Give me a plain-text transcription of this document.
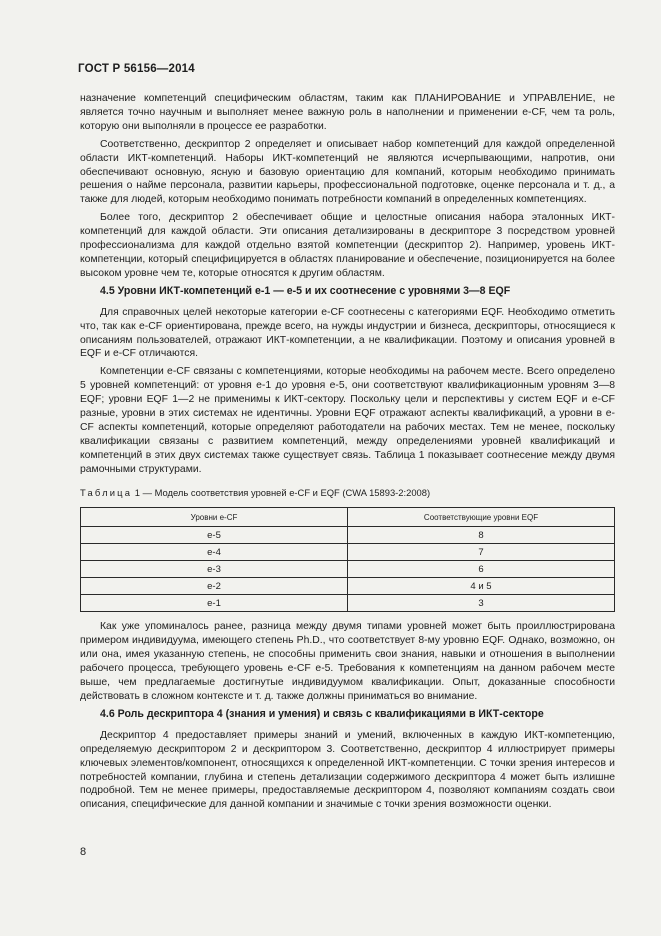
ГОСТ Р 56156—2014

назначение компетенций специфическим областям, таким как ПЛАНИРОВАНИЕ и УПРАВЛЕНИЕ, не является точно научным и выполняет менее важную роль в наполнении и применении e-CF, чем та роль, которую они выполняли в процессе ее разработки.

Соответственно, дескриптор 2 определяет и описывает набор компетенций для каждой определенной области ИКТ-компетенций. Наборы ИКТ-компетенций не являются исчерпывающими, напротив, они обеспечивают основную, ясную и базовую ориентацию для компаний, которым необходимо принимать решения о найме персонала, развитии карьеры, профессиональной подготовке, оценке персонала и т. д., а также для людей, которым необходимо понимать потребности компаний в определенных компетенциях.

Более того, дескриптор 2 обеспечивает общие и целостные описания набора эталонных ИКТ-компетенций для каждой области. Эти описания детализированы в дескрипторе 3 посредством уровней профессионализма для каждой отдельно взятой компетенции (дескриптор 2). Например, уровень ИКТ-компетенции, который специфицируется в областях планирование и обеспечение, позиционируется на более высоком уровне чем те, которые относятся к другим областям.

4.5 Уровни ИКТ-компетенций e-1 — e-5 и их соотнесение с уровнями 3—8 EQF

Для справочных целей некоторые категории e-CF соотнесены с категориями EQF. Необходимо отметить что, так как e-CF ориентирована, прежде всего, на нужды индустрии и бизнеса, дескрипторы, относящиеся к описаниям пользователей, отражают ИКТ-компетенции, а не квалификации. Поэтому и описания уровней в EQF и e-CF отличаются.

Компетенции e-CF связаны с компетенциями, которые необходимы на рабочем месте. Всего определено 5 уровней компетенций: от уровня e-1 до уровня e-5, они соответствуют квалификационным уровням 3—8 EQF; уровни EQF 1—2 не применимы к ИКТ-сектору. Поскольку цели и перспективы у систем EQF и e-CF разные, уровни в этих системах не идентичны. Уровни EQF отражают аспекты квалификаций, а уровни в e-CF аспекты компетенций, которые определяют работодатели на рабочих местах. Тем не менее, поскольку квалификации связаны с развитием компетенций, между определениями уровней квалификаций и компетенций в этих двух системах также существует связь. Таблица 1 показывает соотнесение между двумя рамочными структурами.

Таблица 1 — Модель соответствия уровней e-CF и EQF (CWA 15893-2:2008)
Уровни e-CF	Соответствующие уровни EQF
e-5	8
e-4	7
e-3	6
e-2	4 и 5
e-1	3

Как уже упоминалось ранее, разница между двумя типами уровней может быть проиллюстрирована примером индивидуума, имеющего степень Ph.D., что соответствует 8-му уровню EQF. Однако, возможно, он или она, имея указанную степень, не способны применить свои знания, навыки и отношения в выполнении рабочего процесса, требующего уровень e-CF e-5. Требования к компетенциям на данном рабочем месте выше, чем предлагаемые достигнутые индивидуумом квалификации. Опыт, доказанные способности действовать в сложном контексте и т. д. также должны приниматься во внимание.

4.6 Роль дескриптора 4 (знания и умения) и связь с квалификациями в ИКТ-секторе

Дескриптор 4 предоставляет примеры знаний и умений, включенных в каждую ИКТ-компетенцию, определяемую дескриптором 2 и дескриптором 3. Соответственно, дескриптор 4 иллюстрирует примеры ключевых элементов/компонент, относящихся к определенной ИКТ-компетенции. С точки зрения интересов и потребностей компании, глубина и степень детализации содержимого дескриптора 4 может быть излишне подробной. Тем не менее примеры, предоставляемые дескриптором 4, позволяют компаниям создать свои описания, специфические для данной компании и значимые с точки зрения возможности оценки.

8
